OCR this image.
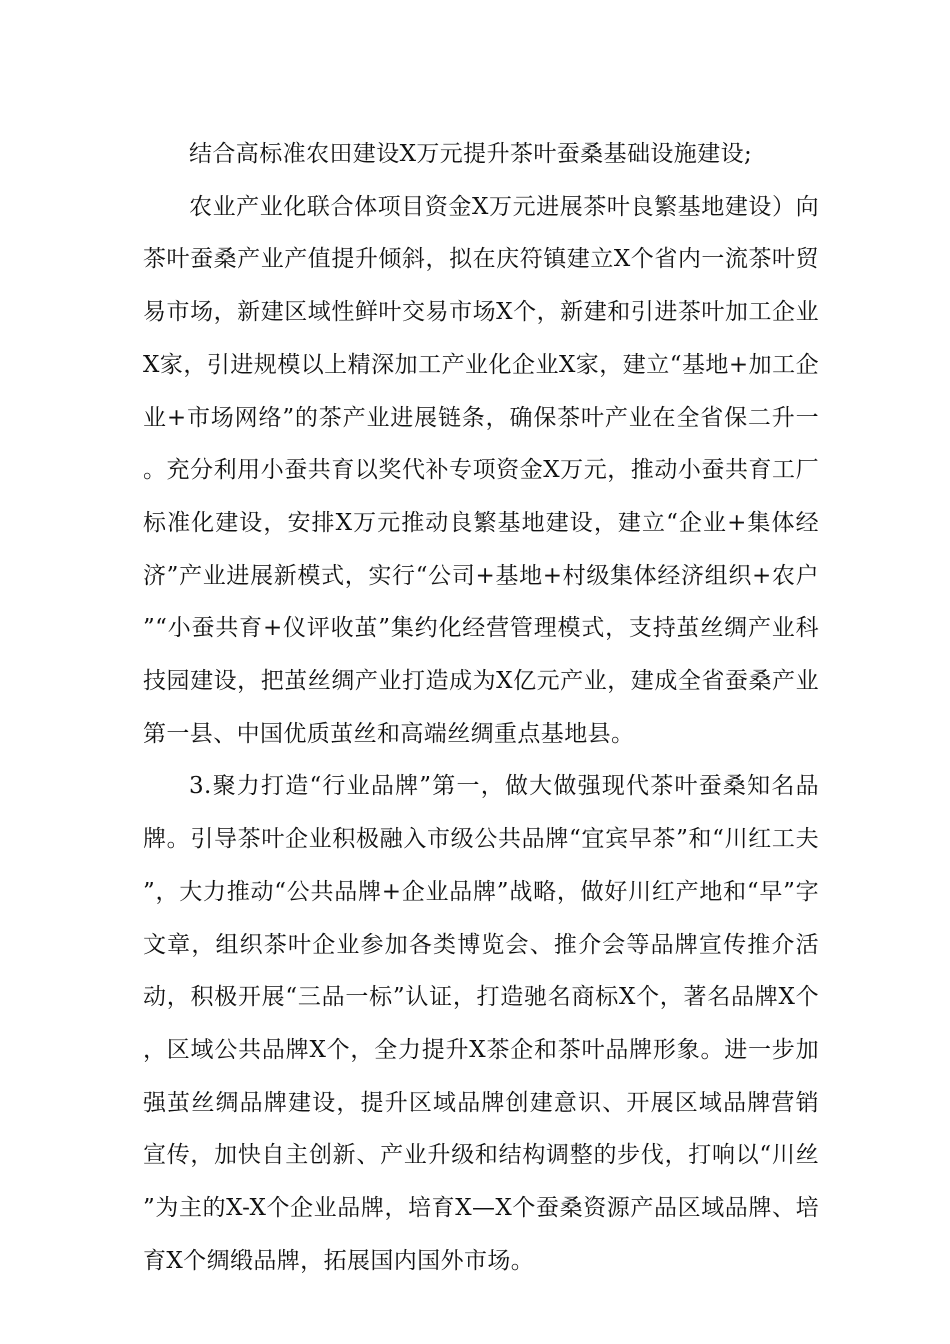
结合高标准农田建设X万元提升茶叶蚕桑基础设施建设;

农业产业化联合体项目资金X万元进展茶叶良繁基地建设）向茶叶蚕桑产业产值提升倾斜，拟在庆符镇建立X个省内一流茶叶贸易市场，新建区域性鲜叶交易市场X个，新建和引进茶叶加工企业X家，引进规模以上精深加工产业化企业X家，建立“基地+加工企业+市场网络”的茶产业进展链条，确保茶叶产业在全省保二升一。充分利用小蚕共育以奖代补专项资金X万元，推动小蚕共育工厂标准化建设，安排X万元推动良繁基地建设，建立“企业+集体经济”产业进展新模式，实行“公司+基地+村级集体经济组织+农户”“小蚕共育+仪评收茧”集约化经营管理模式，支持茧丝绸产业科技园建设，把茧丝绸产业打造成为X亿元产业，建成全省蚕桑产业第一县、中国优质茧丝和高端丝绸重点基地县。

3.聚力打造“行业品牌”第一，做大做强现代茶叶蚕桑知名品牌。引导茶叶企业积极融入市级公共品牌“宜宾早茶”和“川红工夫”，大力推动“公共品牌+企业品牌”战略，做好川红产地和“早”字文章，组织茶叶企业参加各类博览会、推介会等品牌宣传推介活动，积极开展“三品一标”认证，打造驰名商标X个，著名品牌X个，区域公共品牌X个，全力提升X茶企和茶叶品牌形象。进一步加强茧丝绸品牌建设，提升区域品牌创建意识、开展区域品牌营销宣传，加快自主创新、产业升级和结构调整的步伐，打响以“川丝”为主的X-X个企业品牌，培育X—X个蚕桑资源产品区域品牌、培育X个绸缎品牌，拓展国内国外市场。
